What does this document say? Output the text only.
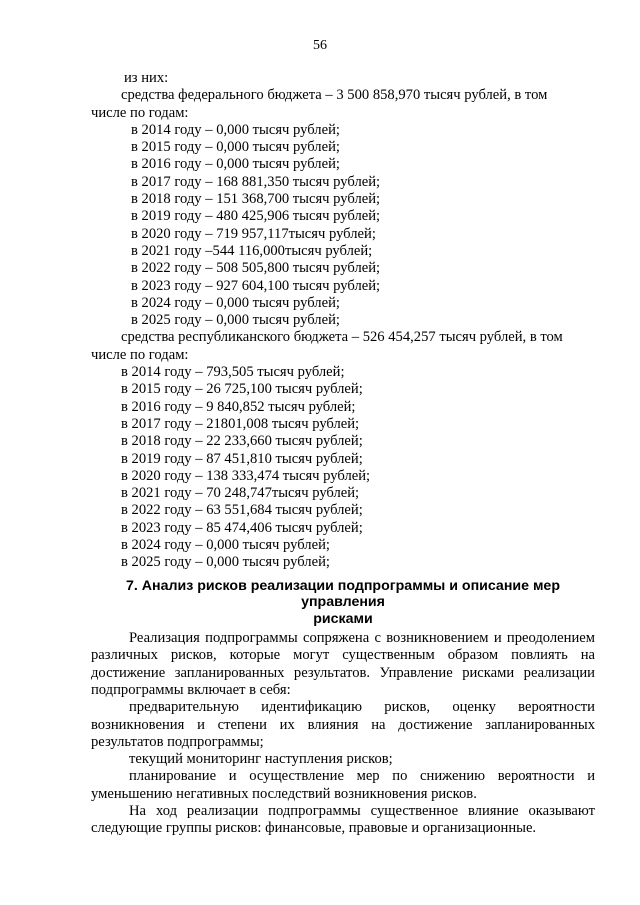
56
из них:
средства федерального бюджета – 3 500 858,970 тысяч рублей, в том
числе по годам:
в 2014 году – 0,000 тысяч рублей;
в 2015 году – 0,000 тысяч рублей;
в 2016 году – 0,000 тысяч рублей;
в 2017 году – 168 881,350 тысяч рублей;
в 2018 году – 151 368,700 тысяч рублей;
в 2019 году – 480 425,906 тысяч рублей;
в 2020 году – 719 957,117тысяч рублей;
в 2021 году –544 116,000тысяч рублей;
в 2022 году – 508 505,800 тысяч рублей;
в 2023 году – 927 604,100 тысяч рублей;
в 2024 году – 0,000 тысяч рублей;
в 2025 году – 0,000 тысяч рублей;
средства республиканского бюджета – 526 454,257 тысяч рублей, в том
числе по годам:
в 2014 году – 793,505 тысяч рублей;
в 2015 году – 26 725,100 тысяч рублей;
в 2016 году – 9 840,852 тысяч рублей;
в 2017 году – 21801,008 тысяч рублей;
в 2018 году – 22 233,660 тысяч рублей;
в 2019 году – 87 451,810 тысяч рублей;
в 2020 году – 138 333,474 тысяч рублей;
в 2021 году – 70 248,747тысяч рублей;
в 2022 году – 63 551,684 тысяч рублей;
в 2023 году – 85 474,406 тысяч рублей;
в 2024 году – 0,000 тысяч рублей;
в 2025 году – 0,000 тысяч рублей;
7. Анализ рисков реализации подпрограммы и описание мер управления
рисками
Реализация подпрограммы сопряжена с возникновением и преодолением различных рисков, которые могут существенным образом повлиять на достижение запланированных результатов. Управление рисками реализации подпрограммы включает в себя:
предварительную идентификацию рисков, оценку вероятности возникновения и степени их влияния на достижение запланированных результатов подпрограммы;
текущий мониторинг наступления рисков;
планирование и осуществление мер по снижению вероятности и уменьшению негативных последствий возникновения рисков.
На ход реализации подпрограммы существенное влияние оказывают следующие группы рисков: финансовые, правовые и организационные.
